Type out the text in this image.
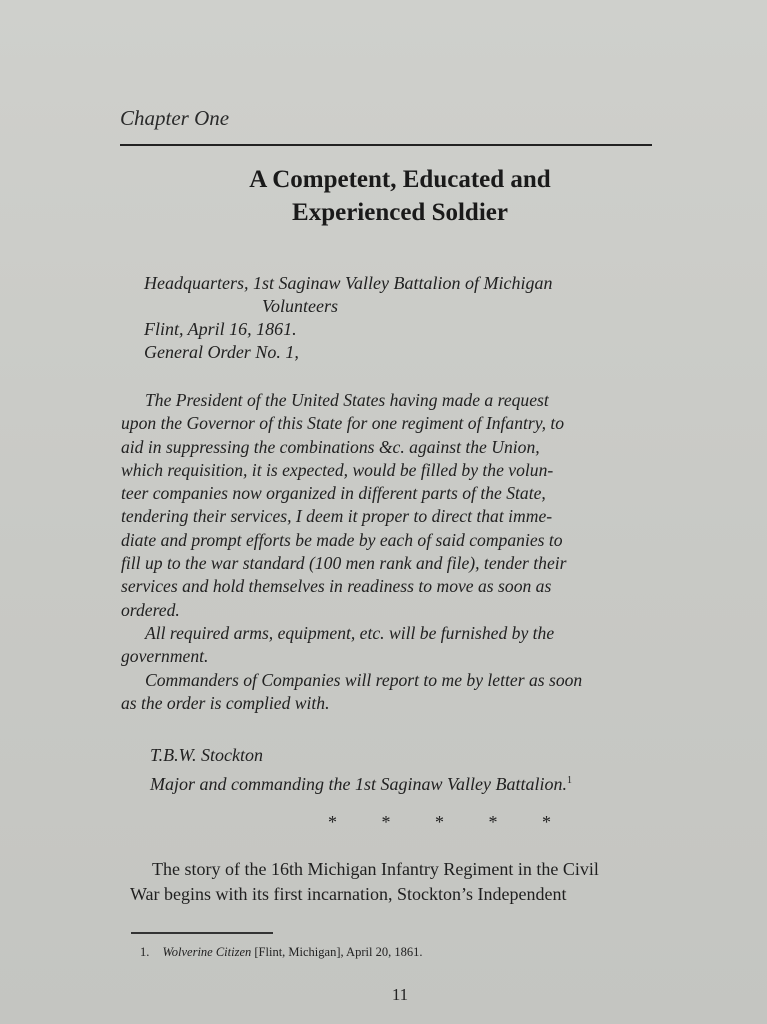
Chapter One
A Competent, Educated and
Experienced Soldier
Headquarters, 1st Saginaw Valley Battalion of Michigan
Volunteers
Flint, April 16, 1861.
General Order No. 1,
The President of the United States having made a request
upon the Governor of this State for one regiment of Infantry, to
aid in suppressing the combinations &c. against the Union,
which requisition, it is expected, would be filled by the volun-
teer companies now organized in different parts of the State,
tendering their services, I deem it proper to direct that imme-
diate and prompt efforts be made by each of said companies to
fill up to the war standard (100 men rank and file), tender their
services and hold themselves in readiness to move as soon as
ordered.
All required arms, equipment, etc. will be furnished by the
government.
Commanders of Companies will report to me by letter as soon
as the order is complied with.
T.B.W. Stockton
Major and commanding the 1st Saginaw Valley Battalion.$^1$
* * * * *
The story of the 16th Michigan Infantry Regiment in the Civil
War begins with its first incarnation, Stockton’s Independent
1. Wolverine Citizen [Flint, Michigan], April 20, 1861.
11
